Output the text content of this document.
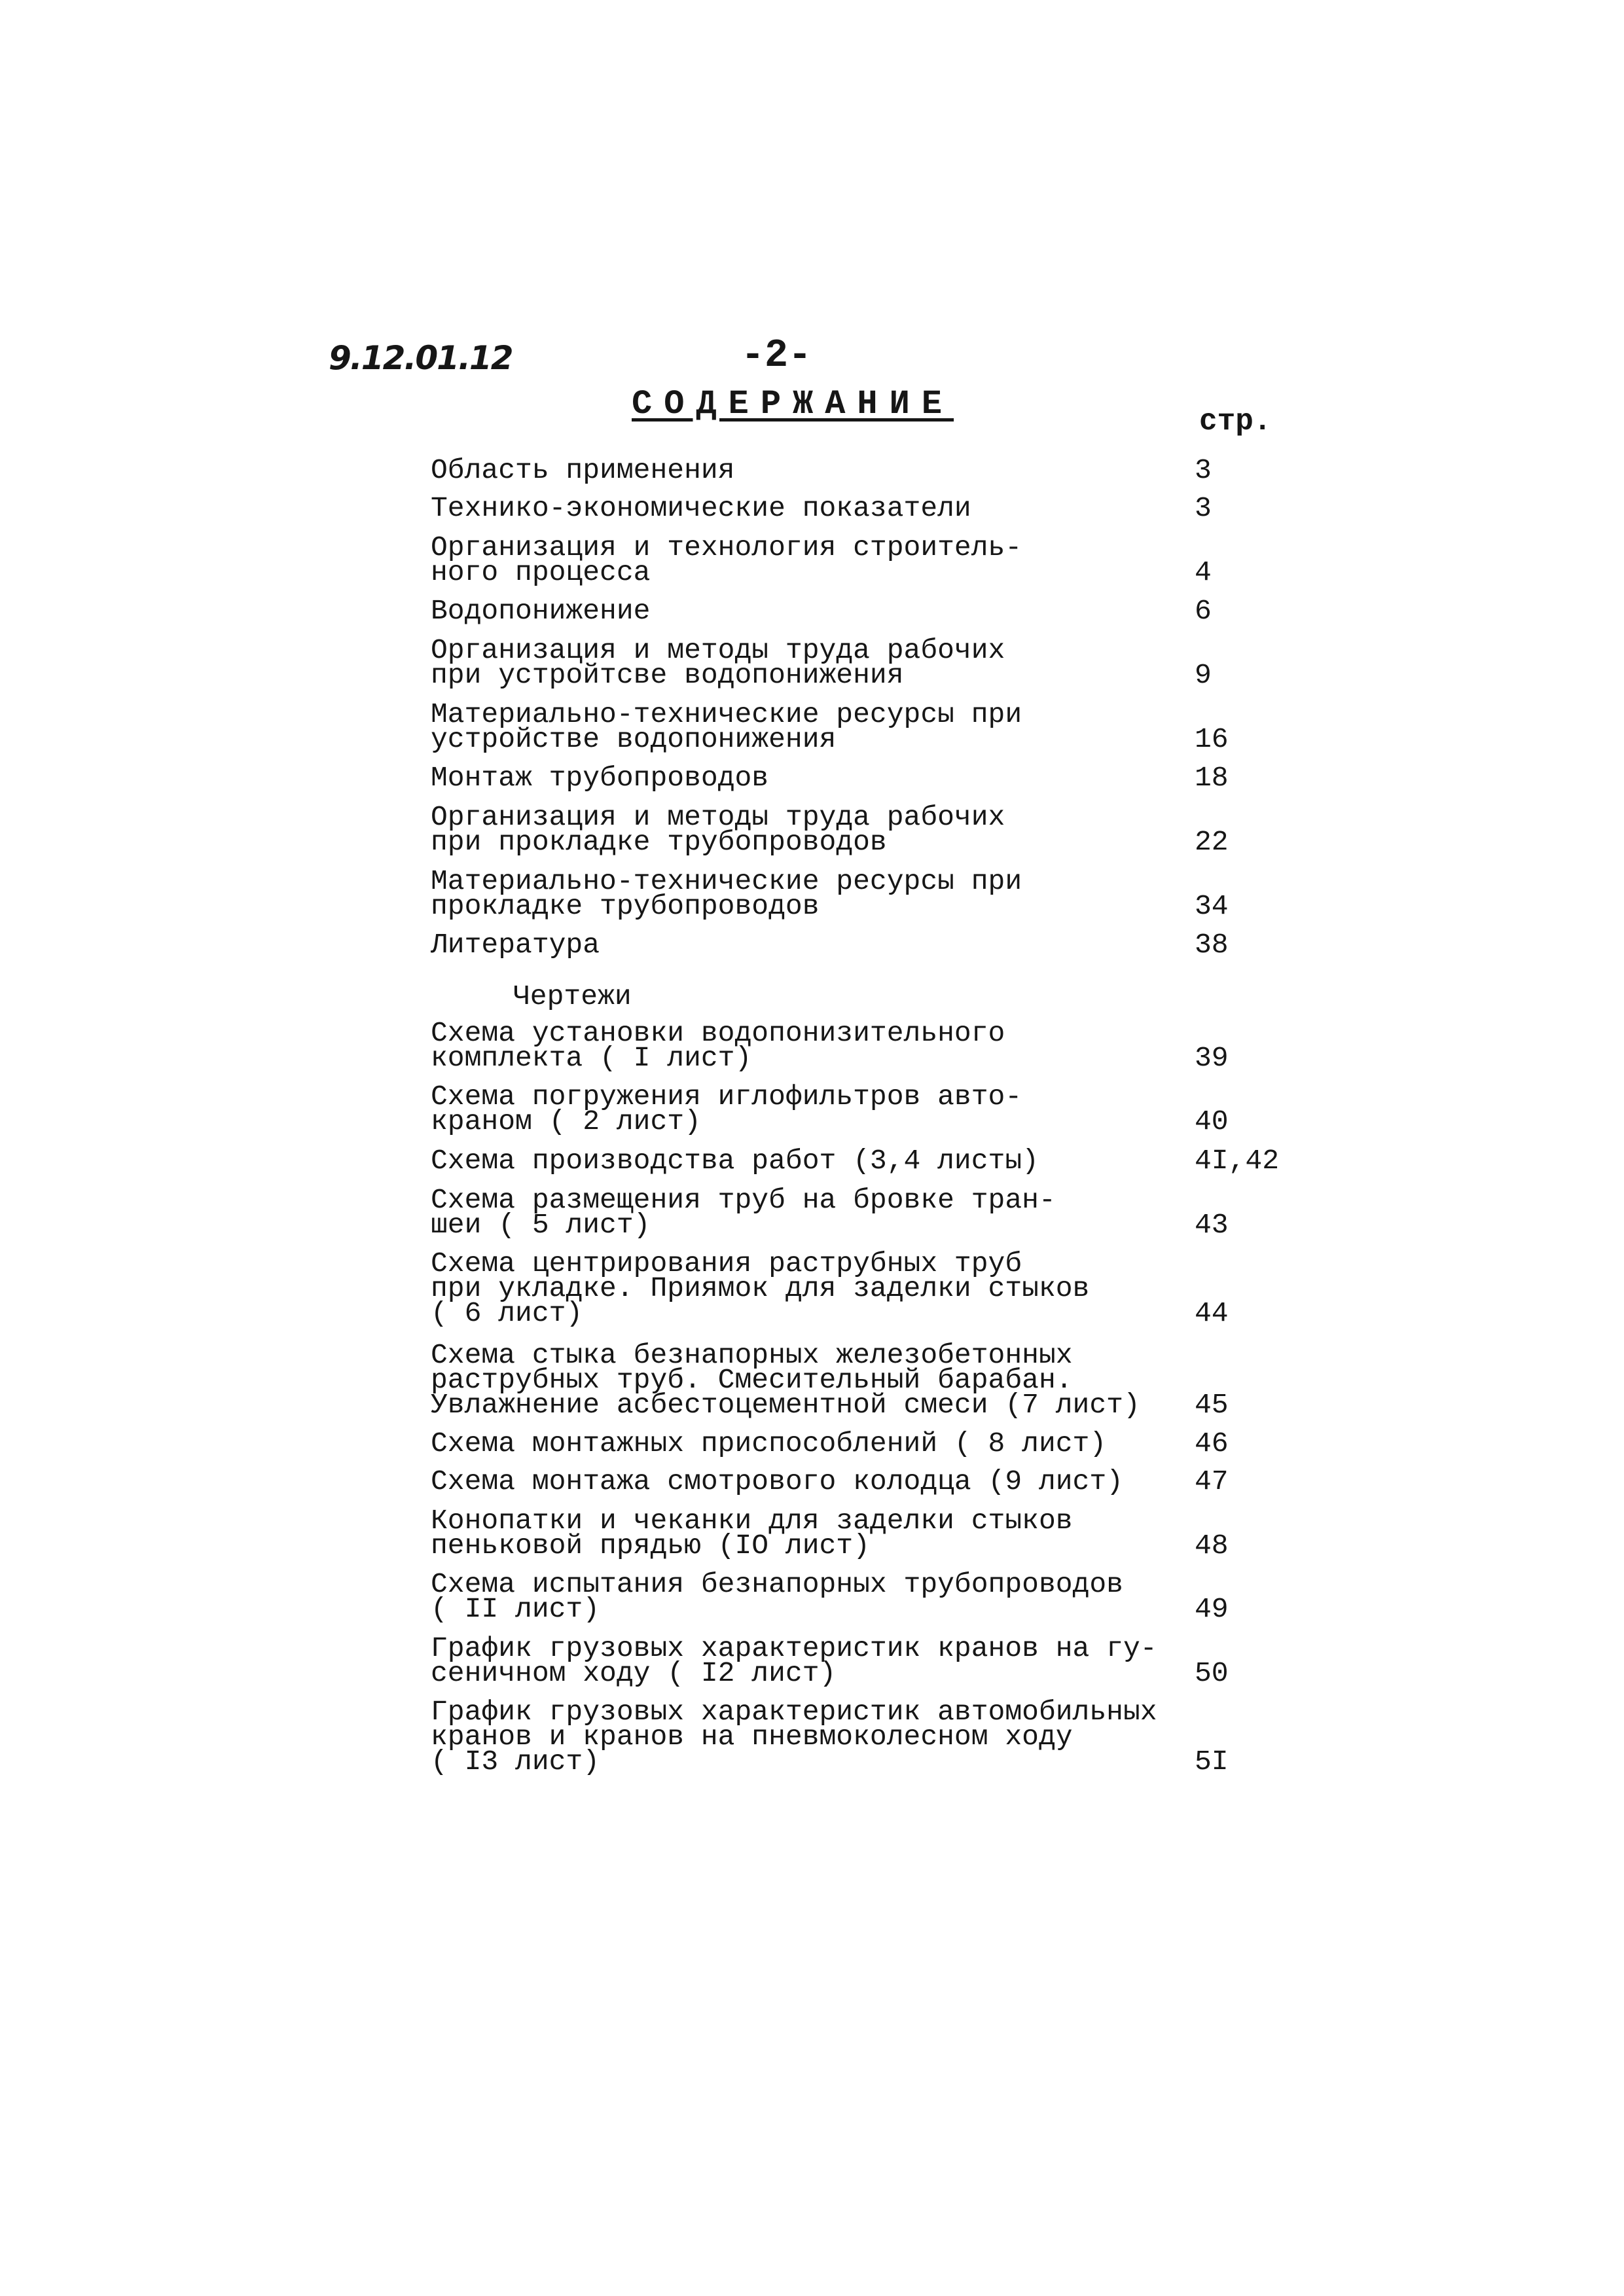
9.12.01.12	-2-
СОДЕРЖАНИЕ	стр.
Чертежи
Область применения	3
Технико-экономические показатели	3
Организация и технология строитель-
ного процесса	4
Водопонижение	6
Организация и методы труда рабочих
при устройтсве водопонижения	9
Материально-технические ресурсы при
устройстве водопонижения	16
Монтаж трубопроводов	18
Организация и методы труда рабочих
при прокладке трубопроводов	22
Материально-технические ресурсы при
прокладке трубопроводов	34
Литература	38
Схема установки водопонизительного
комплекта ( I лист)	39
Схема погружения иглофильтров авто-
краном ( 2 лист)	40
Схема производства работ (3,4 листы)	4I,42
Схема размещения труб на бровке тран-
шеи ( 5 лист)	43
Схема центрирования раструбных труб
при укладке. Приямок для заделки стыков
( 6 лист)	44
Схема стыка безнапорных железобетонных
раструбных труб. Смесительный барабан.
Увлажнение асбестоцементной смеси (7 лист) 45
Схема монтажных приспособлений ( 8 лист)	46
Схема монтажа смотрового колодца (9 лист)	47
Конопатки и чеканки для заделки стыков
пеньковой прядью (IO лист)	48
Схема испытания безнапорных трубопроводов
( II лист)	49
График грузовых характеристик кранов на гу-
сеничном ходу ( I2 лист)	50
График грузовых характеристик автомобильных
кранов и кранов на пневмоколесном ходу
( I3 лист)	5I
